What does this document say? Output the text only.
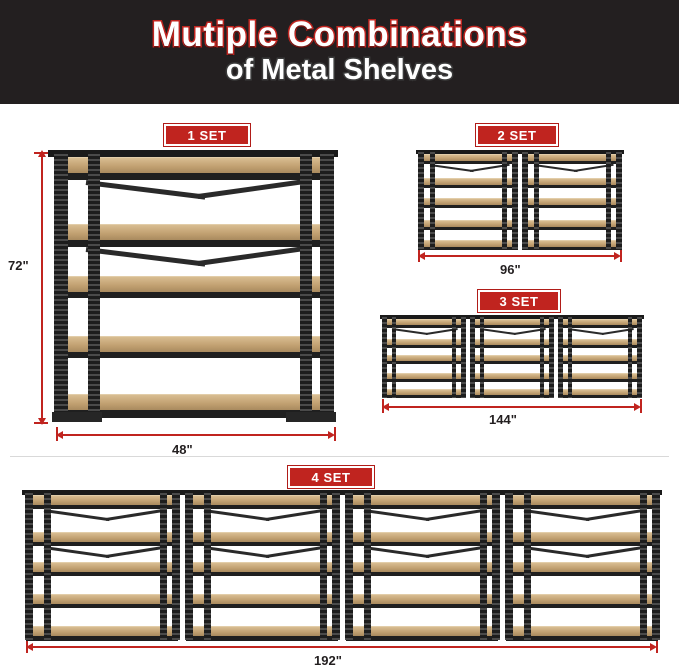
Mutiple Combinations
of Metal Shelves
1 SET
72"
48"
2 SET
96"
3 SET
144"
4 SET
192"
